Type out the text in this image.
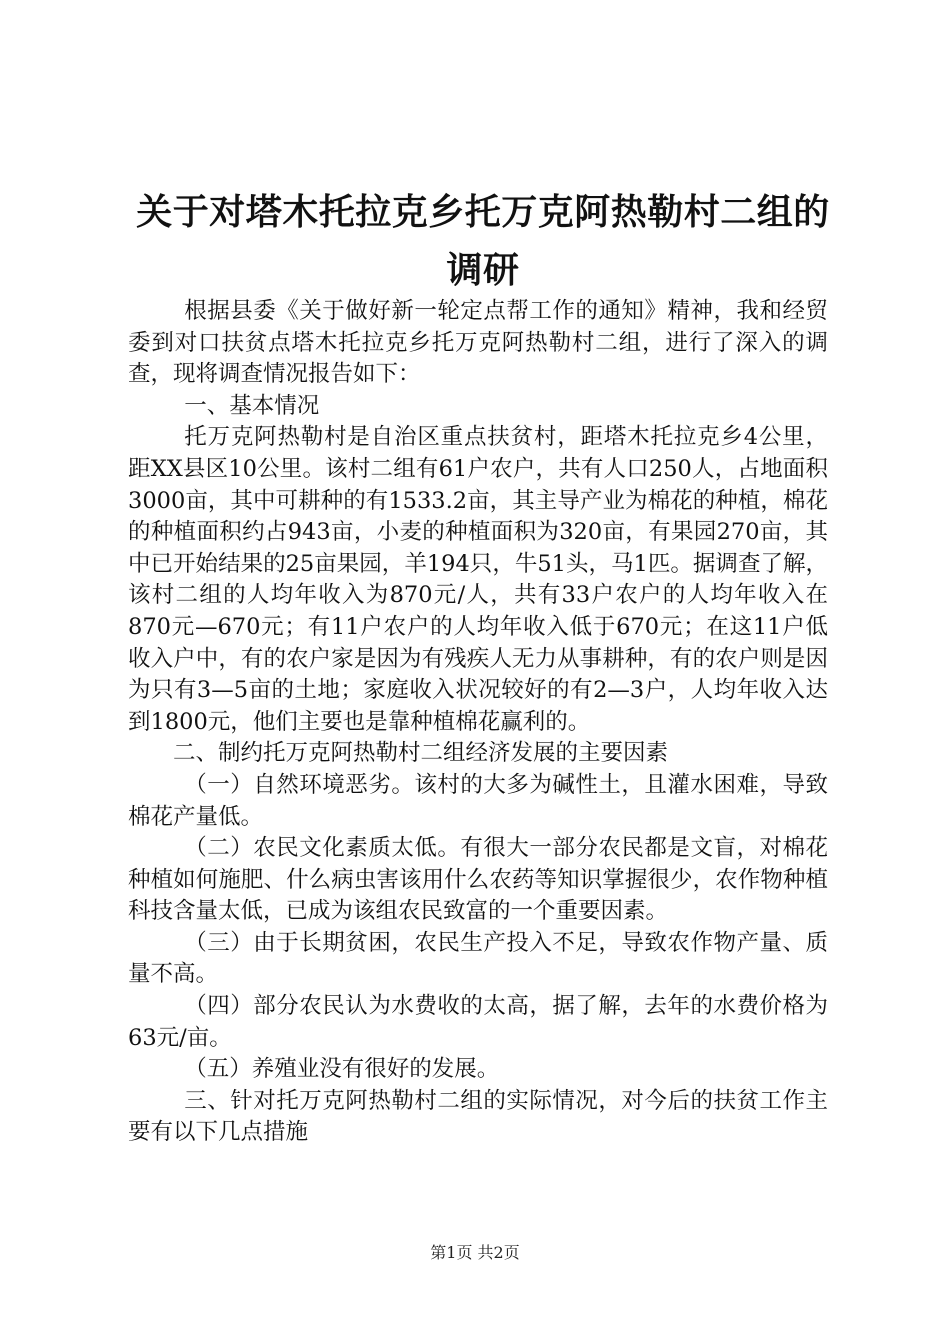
关于对塔木托拉克乡托万克阿热勒村二组的调研

根据县委《关于做好新一轮定点帮工作的通知》精神，我和经贸委到对口扶贫点塔木托拉克乡托万克阿热勒村二组，进行了深入的调查，现将调查情况报告如下：

一、基本情况

托万克阿热勒村是自治区重点扶贫村，距塔木托拉克乡4公里，距XX县区10公里。该村二组有61户农户，共有人口250人，占地面积3000亩，其中可耕种的有1533.2亩，其主导产业为棉花的种植，棉花的种植面积约占943亩，小麦的种植面积为320亩，有果园270亩，其中已开始结果的25亩果园，羊194只，牛51头，马1匹。据调查了解，该村二组的人均年收入为870元/人，共有33户农户的人均年收入在870元—670元；有11户农户的人均年收入低于670元；在这11户低收入户中，有的农户家是因为有残疾人无力从事耕种，有的农户则是因为只有3—5亩的土地；家庭收入状况较好的有2—3户，人均年收入达到1800元，他们主要也是靠种植棉花赢利的。

二、制约托万克阿热勒村二组经济发展的主要因素

（一）自然环境恶劣。该村的大多为碱性土，且灌水困难，导致棉花产量低。

（二）农民文化素质太低。有很大一部分农民都是文盲，对棉花种植如何施肥、什么病虫害该用什么农药等知识掌握很少，农作物种植科技含量太低，已成为该组农民致富的一个重要因素。

（三）由于长期贫困，农民生产投入不足，导致农作物产量、质量不高。

（四）部分农民认为水费收的太高，据了解，去年的水费价格为63元/亩。

（五）养殖业没有很好的发展。

三、针对托万克阿热勒村二组的实际情况，对今后的扶贫工作主要有以下几点措施

第1页 共2页
